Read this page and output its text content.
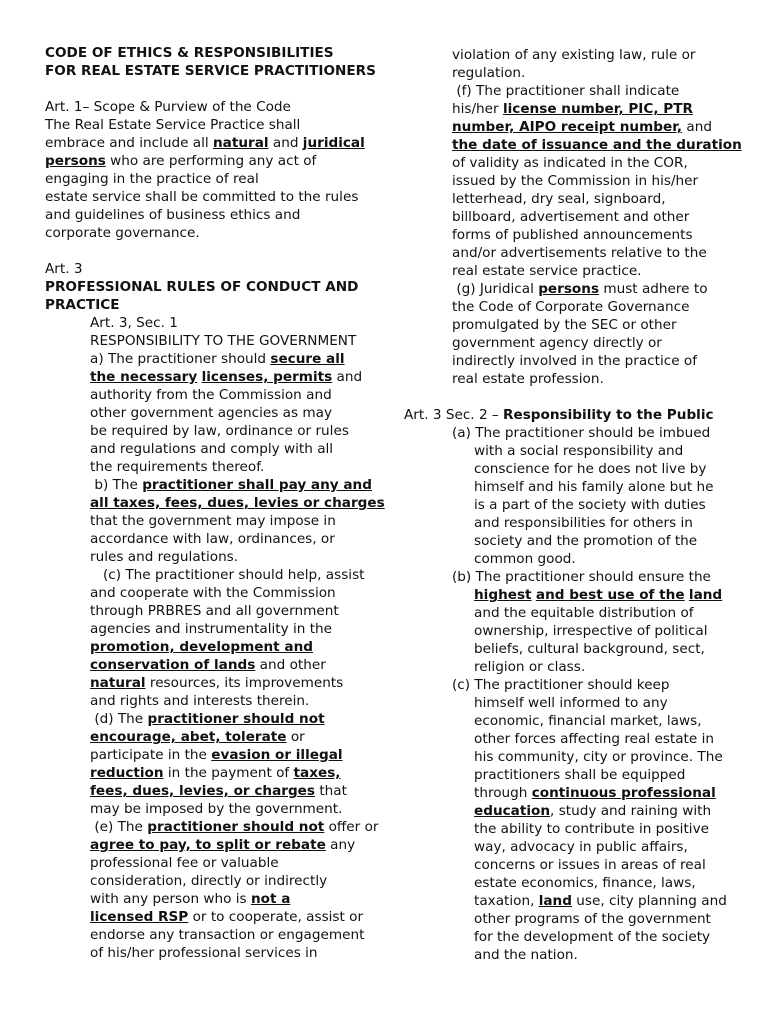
CODE OF ETHICS & RESPONSIBILITIES
FOR REAL ESTATE SERVICE PRACTITIONERS
Art. 1– Scope & Purview of the Code
The Real Estate Service Practice shall
embrace and include all natural and juridical
persons who are performing any act of
engaging in the practice of real
estate service shall be committed to the rules
and guidelines of business ethics and
corporate governance.
Art. 3
PROFESSIONAL RULES OF CONDUCT AND
PRACTICE
Art. 3, Sec. 1
RESPONSIBILITY TO THE GOVERNMENT
a) The practitioner should secure all
the necessary licenses, permits and
authority from the Commission and
other government agencies as may
be required by law, ordinance or rules
and regulations and comply with all
the requirements thereof.
b) The practitioner shall pay any and
all taxes, fees, dues, levies or charges
that the government may impose in
accordance with law, ordinances, or
rules and regulations.
(c) The practitioner should help, assist
and cooperate with the Commission
through PRBRES and all government
agencies and instrumentality in the
promotion, development and
conservation of lands and other
natural resources, its improvements
and rights and interests therein.
(d) The practitioner should not
encourage, abet, tolerate or
participate in the evasion or illegal
reduction in the payment of taxes,
fees, dues, levies, or charges that
may be imposed by the government.
(e) The practitioner should not offer or
agree to pay, to split or rebate any
professional fee or valuable
consideration, directly or indirectly
with any person who is not a
licensed RSP or to cooperate, assist or
endorse any transaction or engagement
of his/her professional services in
violation of any existing law, rule or
regulation.
(f) The practitioner shall indicate
his/her license number, PIC, PTR
number, AIPO receipt number, and
the date of issuance and the duration
of validity as indicated in the COR,
issued by the Commission in his/her
letterhead, dry seal, signboard,
billboard, advertisement and other
forms of published announcements
and/or advertisements relative to the
real estate service practice.
(g) Juridical persons must adhere to
the Code of Corporate Governance
promulgated by the SEC or other
government agency directly or
indirectly involved in the practice of
real estate profession.
Art. 3 Sec. 2 – Responsibility to the Public
(a) The practitioner should be imbued
with a social responsibility and
conscience for he does not live by
himself and his family alone but he
is a part of the society with duties
and responsibilities for others in
society and the promotion of the
common good.
(b) The practitioner should ensure the
highest and best use of the land
and the equitable distribution of
ownership, irrespective of political
beliefs, cultural background, sect,
religion or class.
(c) The practitioner should keep
himself well informed to any
economic, financial market, laws,
other forces affecting real estate in
his community, city or province. The
practitioners shall be equipped
through continuous professional
education, study and raining with
the ability to contribute in positive
way, advocacy in public affairs,
concerns or issues in areas of real
estate economics, finance, laws,
taxation, land use, city planning and
other programs of the government
for the development of the society
and the nation.
